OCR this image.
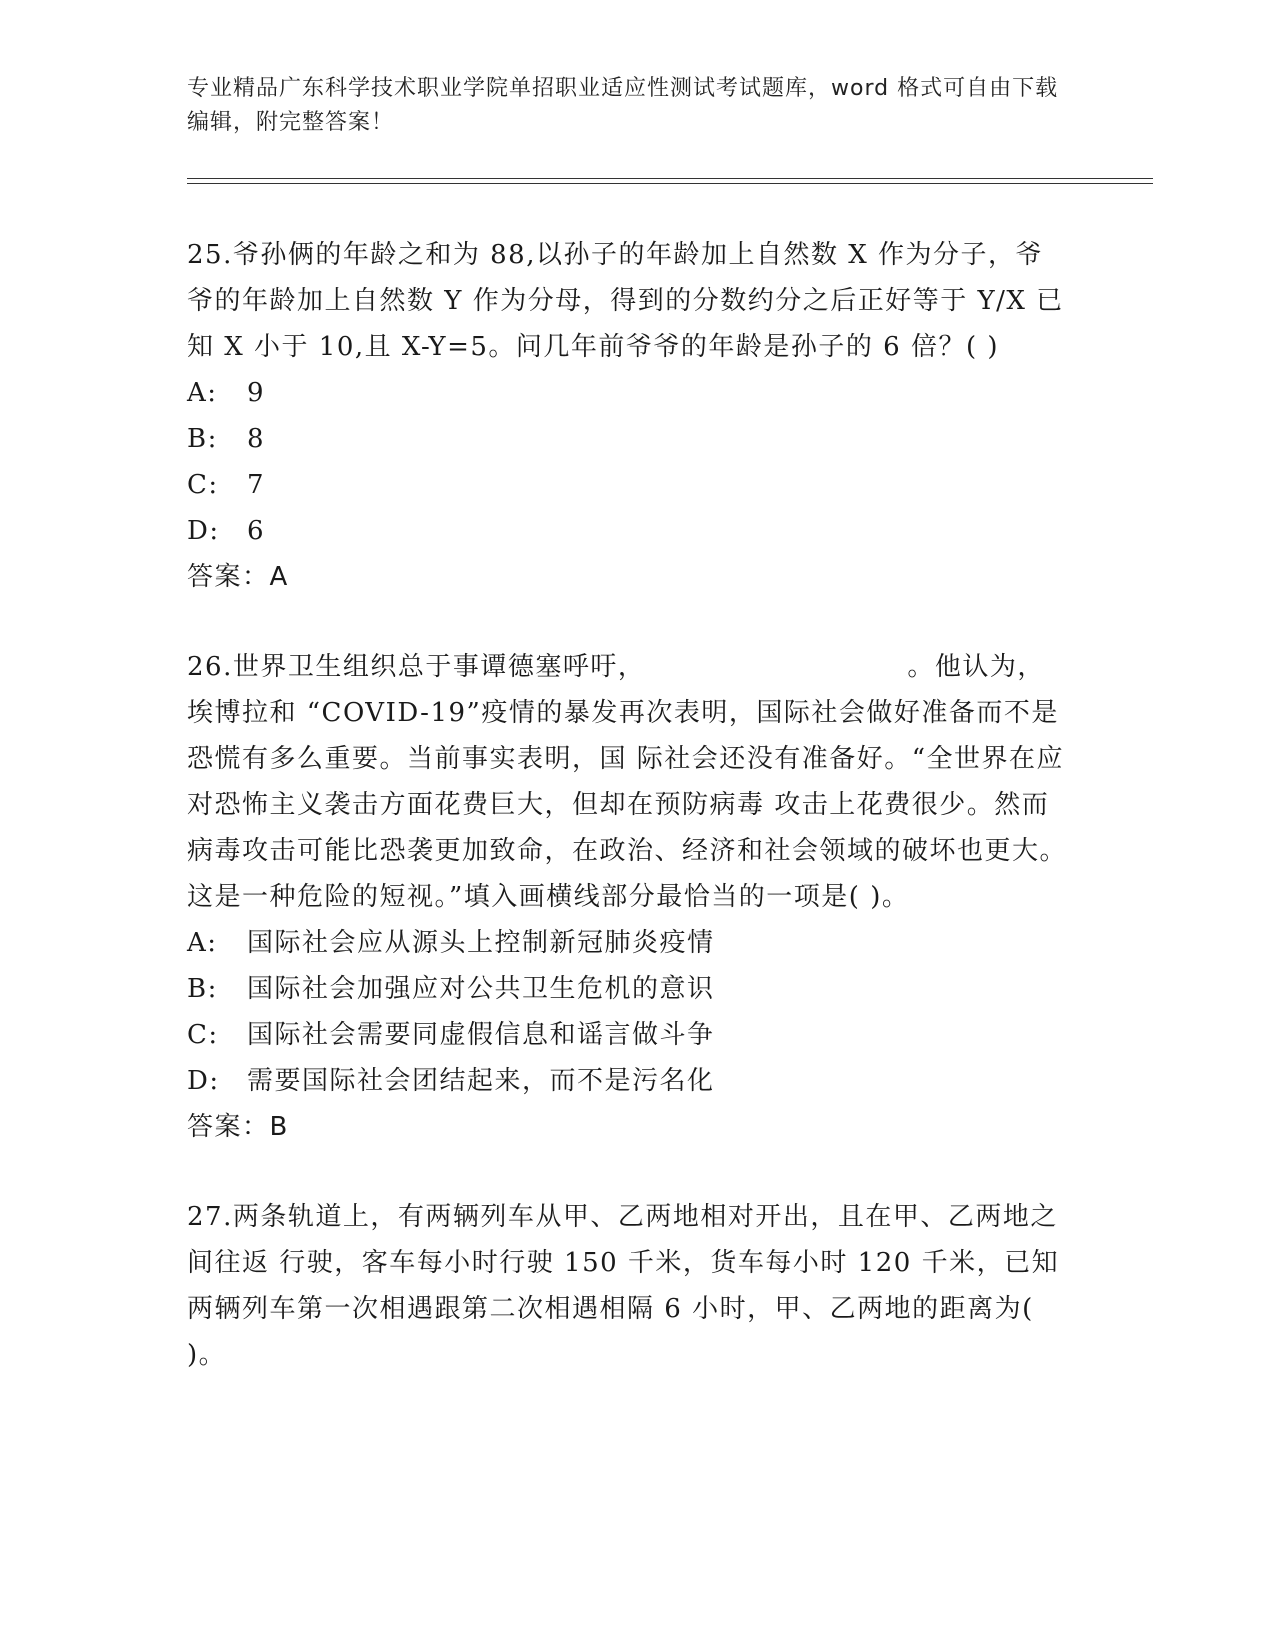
专业精品广东科学技术职业学院单招职业适应性测试考试题库，word 格式可自由下载编辑，附完整答案！
25.爷孙俩的年龄之和为 88,以孙子的年龄加上自然数 X 作为分子，爷爷的年龄加上自然数 Y 作为分母，得到的分数约分之后正好等于 Y/X 已 知 X 小于 10,且 X-Y=5。问几年前爷爷的年龄是孙子的 6 倍？( )
A: 9
B: 8
C: 7
D: 6
答案：A
26.世界卫生组织总于事谭德塞呼吁，　　　　　　　　　　。他认为，埃博拉和 “COVID-19”疫情的暴发再次表明，国际社会做好准备而不是恐慌有多么重要。当前事实表明，国 际社会还没有准备好。“全世界在应对恐怖主义袭击方面花费巨大，但却在预防病毒 攻击上花费很少。然而病毒攻击可能比恐袭更加致命，在政治、经济和社会领域的破坏也更大。这是一种危险的短视。”填入画横线部分最恰当的一项是( )。
A: 国际社会应从源头上控制新冠肺炎疫情
B: 国际社会加强应对公共卫生危机的意识
C: 国际社会需要同虚假信息和谣言做斗争
D: 需要国际社会团结起来，而不是污名化
答案：B
27.两条轨道上，有两辆列车从甲、乙两地相对开出，且在甲、乙两地之间往返 行驶，客车每小时行驶 150 千米，货车每小时 120 千米，已知两辆列车第一次相遇跟第二次相遇相隔 6 小时，甲、乙两地的距离为(　　)。
